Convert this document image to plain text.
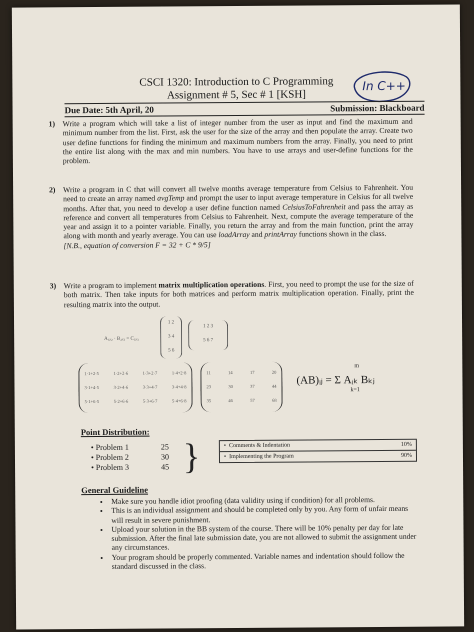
CSCI 1320: Introduction to C Programming
Assignment # 5, Sec # 1 [KSH]
In C++
Due Date: 5th April, 20	Submission: Blackboard
1) Write a program which will take a list of integer number from the user as input and find the maximum and minimum number from the list. First, ask the user for the size of the array and then populate the array. Create two user define functions for finding the minimum and maximum numbers from the array. Finally, you need to print the entire list along with the max and min numbers. You have to use arrays and user-define functions for the problem.
2) Write a program in C that will convert all twelve months average temperature from Celsius to Fahrenheit. You need to create an array named avgTemp and prompt the user to input average temperature in Celsius for all twelve months. After that, you need to develop a user define function named CelsiusToFahrenheit and pass the array as reference and convert all temperatures from Celsius to Fahrenheit. Next, compute the average temperature of the year and assign it to a pointer variable. Finally, you return the array and from the main function, print the array along with month and yearly average. You can use loadArray and printArray functions shown in the class.
[N.B., equation of conversion F = 32 + C * 9/5]
3) Write a program to implement matrix multiplication operations. First, you need to prompt the use for the size of both matrix. Then take inputs for both matrices and perform matrix multiplication operation. Finally, print the resulting matrix into the output.
A₃ₓ₂ · B₂ₓ₃ = C₃ₓ₃
1 2
3 4
5 6
1 2 3
5 6 7
1·1+2·5	1·2+2·6	1·3+2·7	1·4+2·8
3·1+4·5	3·2+4·6	3·3+4·7	3·4+4·8
5·1+6·5	5·2+6·6	5·3+6·7	5·4+6·8
11	14	17	20
23	30	37	44
35	46	57	68
(AB)ᵢⱼ = Σ Aᵢₖ Bₖⱼ
m
k=1
Point Distribution:
• Problem 1	25
• Problem 2	30
• Problem 3	45 }	• Comments & Indentation	10%
• Implementing the Program	90%
General Guideline
• Make sure you handle idiot proofing (data validity using if condition) for all problems.
• This is an individual assignment and should be completed only by you. Any form of unfair means will result in severe punishment.
• Upload your solution in the BB system of the course. There will be 10% penalty per day for late submission. After the final late submission date, you are not allowed to submit the assignment under any circumstances.
• Your program should be properly commented. Variable names and indentation should follow the standard discussed in the class.
